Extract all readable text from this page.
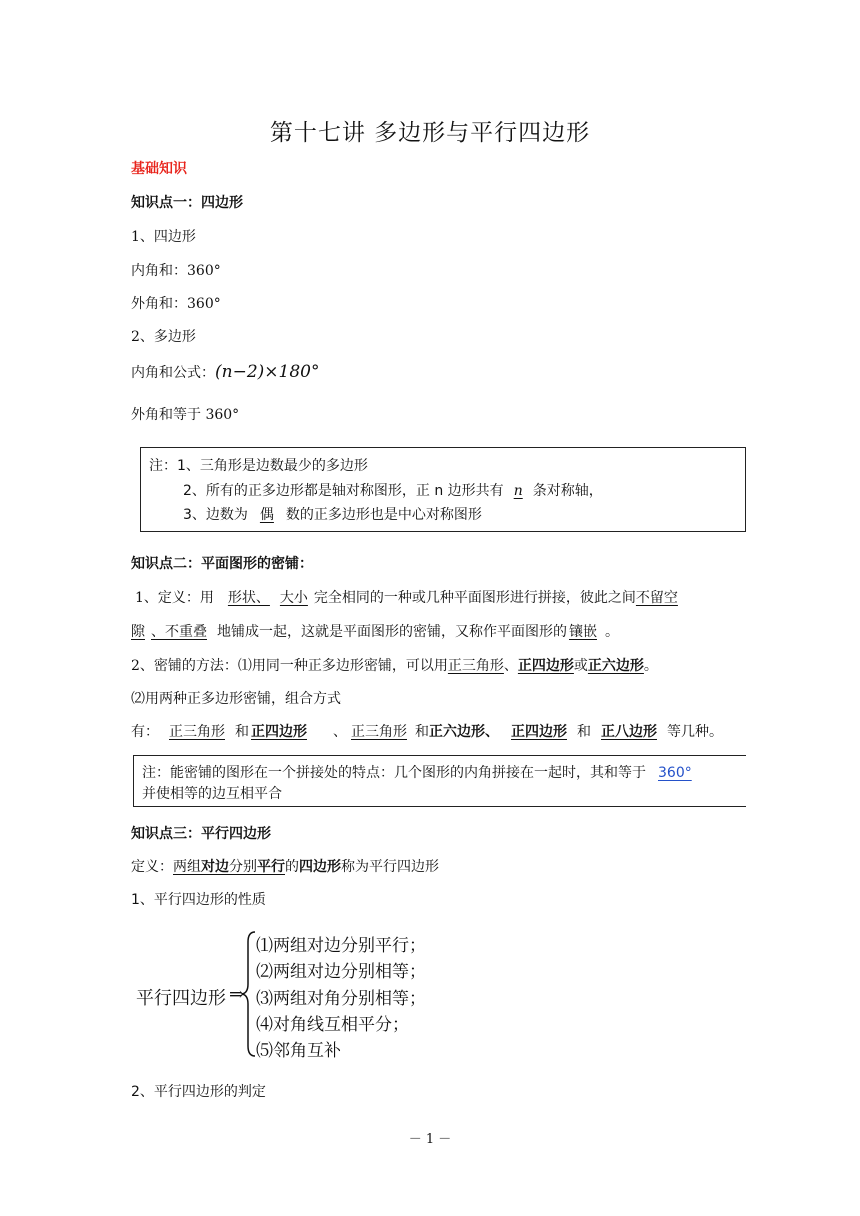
第十七讲 多边形与平行四边形
基础知识
知识点一：四边形
1、四边形
内角和：360°
外角和：360°
2、多边形
内角和公式：(n−2)×180°
外角和等于 360°
注：1、三角形是边数最少的多边形
2、所有的正多边形都是轴对称图形，正 n 边形共有 n 条对称轴，
3、边数为 偶 数的正多边形也是中心对称图形
知识点二：平面图形的密铺：
1、定义：用 形状、 大小 完全相同的一种或几种平面图形进行拼接，彼此之间不留空
隙 、不重叠 地铺成一起，这就是平面图形的密铺，又称作平面图形的 镶嵌 。
2、密铺的方法：⑴用同一种正多边形密铺，可以用正三角形、正四边形或正六边形。
⑵用两种正多边形密铺，组合方式
有： 正三角形 和 正四边形 、 正三角形 和正六边形、 正四边形 和 正八边形 等几种。
注：能密铺的图形在一个拼接处的特点：几个图形的内角拼接在一起时，其和等于 360°
并使相等的边互相平合
知识点三：平行四边形
定义：两组对边分别平行的四边形称为平行四边形
1、平行四边形的性质
平行四边形 ⇒
⑴两组对边分别平行；
⑵两组对边分别相等；
⑶两组对角分别相等；
⑷对角线互相平分；
⑸邻角互补
2、平行四边形的判定
－ 1 －
